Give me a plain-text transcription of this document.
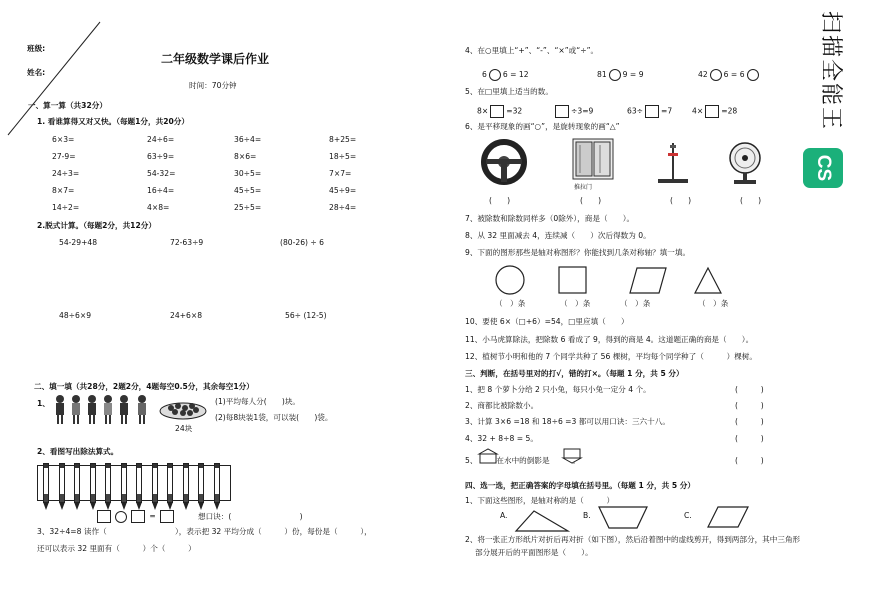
班级:
姓名:
二年级数学课后作业
时间：70分钟
一、算一算（共32分）
1. 看谁算得又对又快。（每题1分，共20分）
6×3=	24÷6=	36÷4=	8+25=
27-9=	63÷9=	8×6=	18÷5=
24÷3=	54-32=	30÷5=	7×7=
8×7=	16÷4=	45÷5=	45÷9=
14÷2=	4×8=	25÷5=	28÷4=
2.脱式计算。（每题2分，共12分）
54-29+48	72-63÷9	(80-26) ÷ 6
48÷6×9	24+6×8	56÷ (12-5)
二、填一填（共28分，2题2分，4题每空0.5分，其余每空1分）
1、
24块
(1)平均每人分(　　)块。
(2)每8块装1袋，可以装(　　)袋。
2、看图写出除法算式。
=	想口诀：(　　　　　　　　　)
3、32÷4=8 读作（　　　　　　　　　），表示把 32 平均分成（　　　）份，每份是（　　　），
还可以表示 32 里面有（　　　）个（　　　）
4、在○里填上“+”、“-”、“×”或“÷”。
6 6 = 12	81 9 = 9	42 6 = 6
5、在□里填上适当的数。
8× =32	÷3=9	63÷ =7	4× =28
6、是平移现象的画“○”，是旋转现象的画“△”
推拉门
(　　)	(　　)	(　　)	(　　)
7、被除数和除数同样多（0除外），商是（　　）。
8、从 32 里面减去 4，连续减（　　）次后得数为 0。
9、下面的图形那些是轴对称图形？你能找到几条对称轴？填一填。
（　）条	（　）条	（　）条	（　）条
10、要使 6×（□+6）=54，□里应填（　　）
11、小马虎算除法，把除数 6 看成了 9，得到的商是 4。这道题正确的商是（　　）。
12、植树节小明和他的 7 个同学共种了 56 棵树，平均每个同学种了（　　　）棵树。
三、判断，在括号里对的打√，错的打×。（每题 1 分，共 5 分）
1、把 8 个萝卜分给 2 只小兔，每只小兔一定分 4 个。	(　　　)
2、商都比被除数小。	(　　　)
3、计算 3×6 =18 和 18÷6 =3 都可以用口诀：三六十八。	(　　　)
4、32 + 8÷8 = 5。	(　　　)
5、　　　在水中的倒影是　　　。	(　　　)
四、选一选，把正确答案的字母填在括号里。（每题 1 分，共 5 分）
1、下面这些图形，是轴对称的是（　　　）
A.	B.	C.
2、将一张正方形纸片对折后再对折（如下图），然后沿着图中的虚线剪开，得到两部分，其中三角形
部分展开后的平面图形是（　　）。
CS
扫描全能王
